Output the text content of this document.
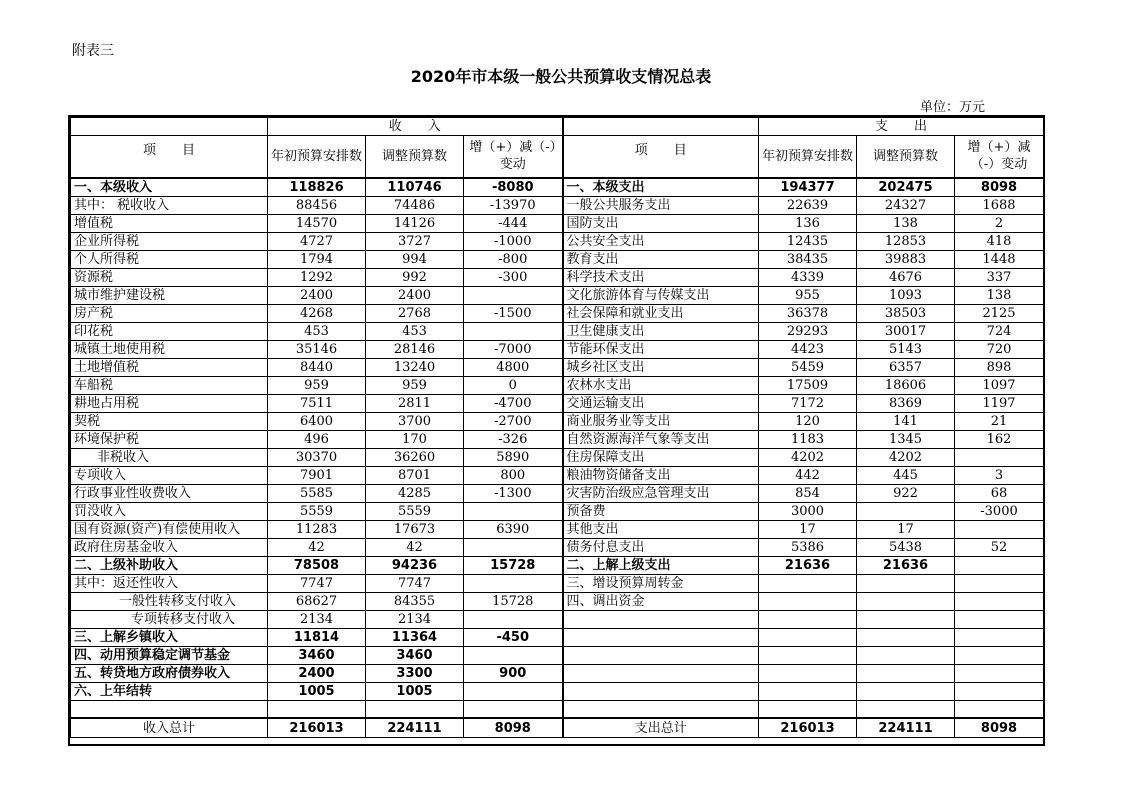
附表三
2020年市本级一般公共预算收支情况总表
单位：万元
	收入				支出		
项目	年初预算安排数	调整预算数	增（+）减（-）变动	项目	年初预算安排数	调整预算数	增（+）减（-）变动
一、本级收入	118826	110746	-8080	一、本级支出	194377	202475	8098
其中： 税收收入	88456	74486	-13970	一般公共服务支出	22639	24327	1688
增值税	14570	14126	-444	国防支出	136	138	2
企业所得税	4727	3727	-1000	公共安全支出	12435	12853	418
个人所得税	1794	994	-800	教育支出	38435	39883	1448
资源税	1292	992	-300	科学技术支出	4339	4676	337
城市维护建设税	2400	2400		文化旅游体育与传媒支出	955	1093	138
房产税	4268	2768	-1500	社会保障和就业支出	36378	38503	2125
印花税	453	453		卫生健康支出	29293	30017	724
城镇土地使用税	35146	28146	-7000	节能环保支出	4423	5143	720
土地增值税	8440	13240	4800	城乡社区支出	5459	6357	898
车船税	959	959	0	农林水支出	17509	18606	1097
耕地占用税	7511	2811	-4700	交通运输支出	7172	8369	1197
契税	6400	3700	-2700	商业服务业等支出	120	141	21
环境保护税	496	170	-326	自然资源海洋气象等支出	1183	1345	162
非税收入	30370	36260	5890	住房保障支出	4202	4202	
专项收入	7901	8701	800	粮油物资储备支出	442	445	3
行政事业性收费收入	5585	4285	-1300	灾害防治级应急管理支出	854	922	68
罚没收入	5559	5559		预备费	3000		-3000
国有资源(资产)有偿使用收入	11283	17673	6390	其他支出	17	17	
政府住房基金收入	42	42		债务付息支出	5386	5438	52
二、上级补助收入	78508	94236	15728	二、上解上级支出	21636	21636	
其中：返还性收入	7747	7747		三、增设预算周转金			
一般性转移支付收入	68627	84355	15728	四、调出资金			
专项转移支付收入	2134	2134					
三、上解乡镇收入	11814	11364	-450				
四、动用预算稳定调节基金	3460	3460					
五、转贷地方政府债券收入	2400	3300	900				
六、上年结转	1005	1005					

收入总计	216013	224111	8098	支出总计	216013	224111	8098
